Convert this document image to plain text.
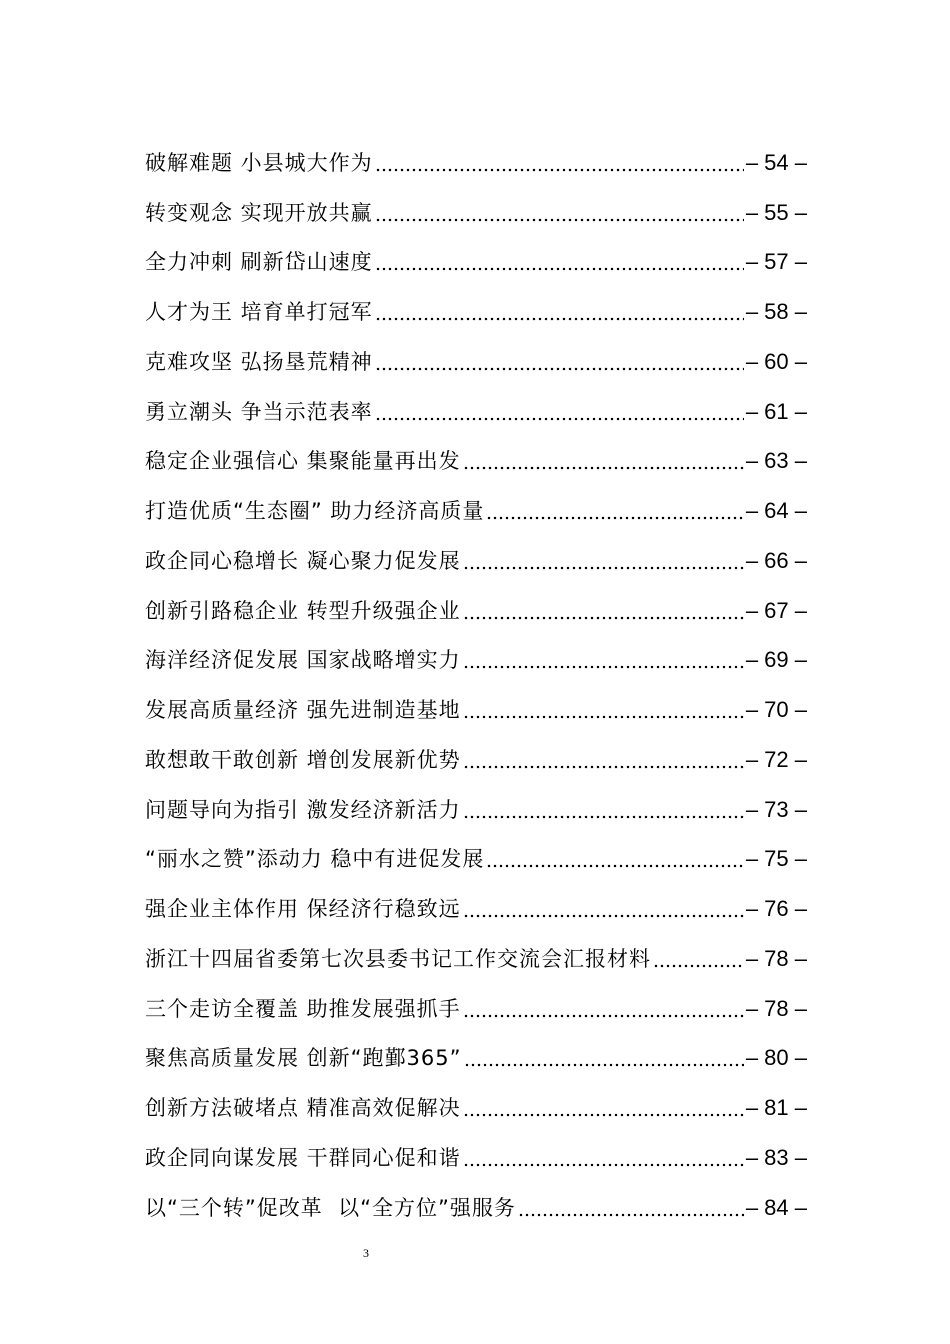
破解难题 小县城大作为	– 54 –
转变观念 实现开放共赢	– 55 –
全力冲刺 刷新岱山速度	– 57 –
人才为王 培育单打冠军	– 58 –
克难攻坚 弘扬垦荒精神	– 60 –
勇立潮头 争当示范表率	– 61 –
稳定企业强信心 集聚能量再出发	– 63 –
打造优质“生态圈” 助力经济高质量	– 64 –
政企同心稳增长 凝心聚力促发展	– 66 –
创新引路稳企业 转型升级强企业	– 67 –
海洋经济促发展 国家战略增实力	– 69 –
发展高质量经济 强先进制造基地	– 70 –
敢想敢干敢创新 增创发展新优势	– 72 –
问题导向为指引 激发经济新活力	– 73 –
“丽水之赞”添动力 稳中有进促发展	– 75 –
强企业主体作用 保经济行稳致远	– 76 –
浙江十四届省委第七次县委书记工作交流会汇报材料	– 78 –
三个走访全覆盖 助推发展强抓手	– 78 –
聚焦高质量发展 创新“跑鄞365”	– 80 –
创新方法破堵点 精准高效促解决	– 81 –
政企同向谋发展 干群同心促和谐	– 83 –
以“三个转”促改革  以“全方位”强服务	– 84 –
3
